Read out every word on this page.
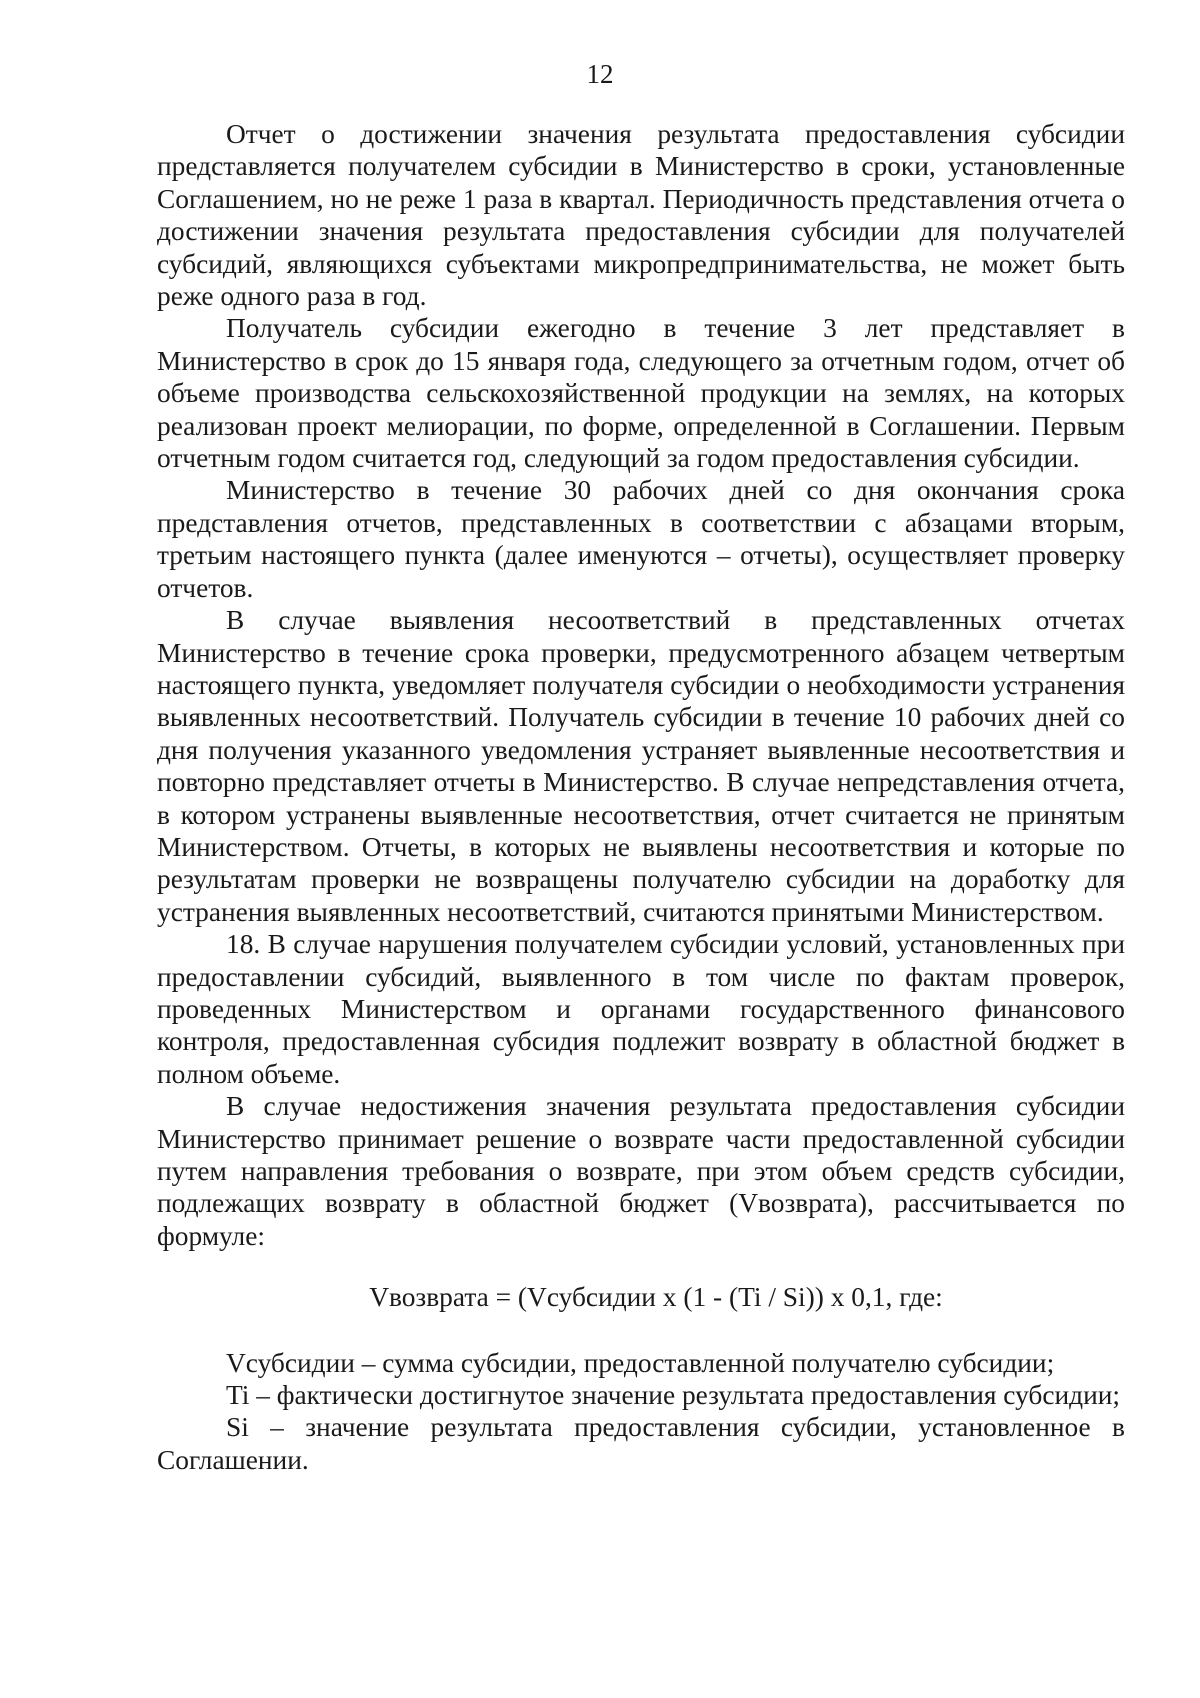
12

Отчет о достижении значения результата предоставления субсидии представляется получателем субсидии в Министерство в сроки, установленные Соглашением, но не реже 1 раза в квартал. Периодичность представления отчета о достижении значения результата предоставления субсидии для получателей субсидий, являющихся субъектами микропредпринимательства, не может быть реже одного раза в год.

Получатель субсидии ежегодно в течение 3 лет представляет в Министерство в срок до 15 января года, следующего за отчетным годом, отчет об объеме производства сельскохозяйственной продукции на землях, на которых реализован проект мелиорации, по форме, определенной в Соглашении. Первым отчетным годом считается год, следующий за годом предоставления субсидии.

Министерство в течение 30 рабочих дней со дня окончания срока представления отчетов, представленных в соответствии с абзацами вторым, третьим настоящего пункта (далее именуются – отчеты), осуществляет проверку отчетов.

В случае выявления несоответствий в представленных отчетах Министерство в течение срока проверки, предусмотренного абзацем четвертым настоящего пункта, уведомляет получателя субсидии о необходимости устранения выявленных несоответствий. Получатель субсидии в течение 10 рабочих дней со дня получения указанного уведомления устраняет выявленные несоответствия и повторно представляет отчеты в Министерство. В случае непредставления отчета, в котором устранены выявленные несоответствия, отчет считается не принятым Министерством. Отчеты, в которых не выявлены несоответствия и которые по результатам проверки не возвращены получателю субсидии на доработку для устранения выявленных несоответствий, считаются принятыми Министерством.

18. В случае нарушения получателем субсидии условий, установленных при предоставлении субсидий, выявленного в том числе по фактам проверок, проведенных Министерством и органами государственного финансового контроля, предоставленная субсидия подлежит возврату в областной бюджет в полном объеме.

В случае недостижения значения результата предоставления субсидии Министерство принимает решение о возврате части предоставленной субсидии путем направления требования о возврате, при этом объем средств субсидии, подлежащих возврату в областной бюджет (Vвозврата), рассчитывается по формуле:

Vвозврата = (Vсубсидии х (1 - (Ti / Si)) х 0,1, где:

Vсубсидии – сумма субсидии, предоставленной получателю субсидии;

Ti – фактически достигнутое значение результата предоставления субсидии;

Si – значение результата предоставления субсидии, установленное в Соглашении.
